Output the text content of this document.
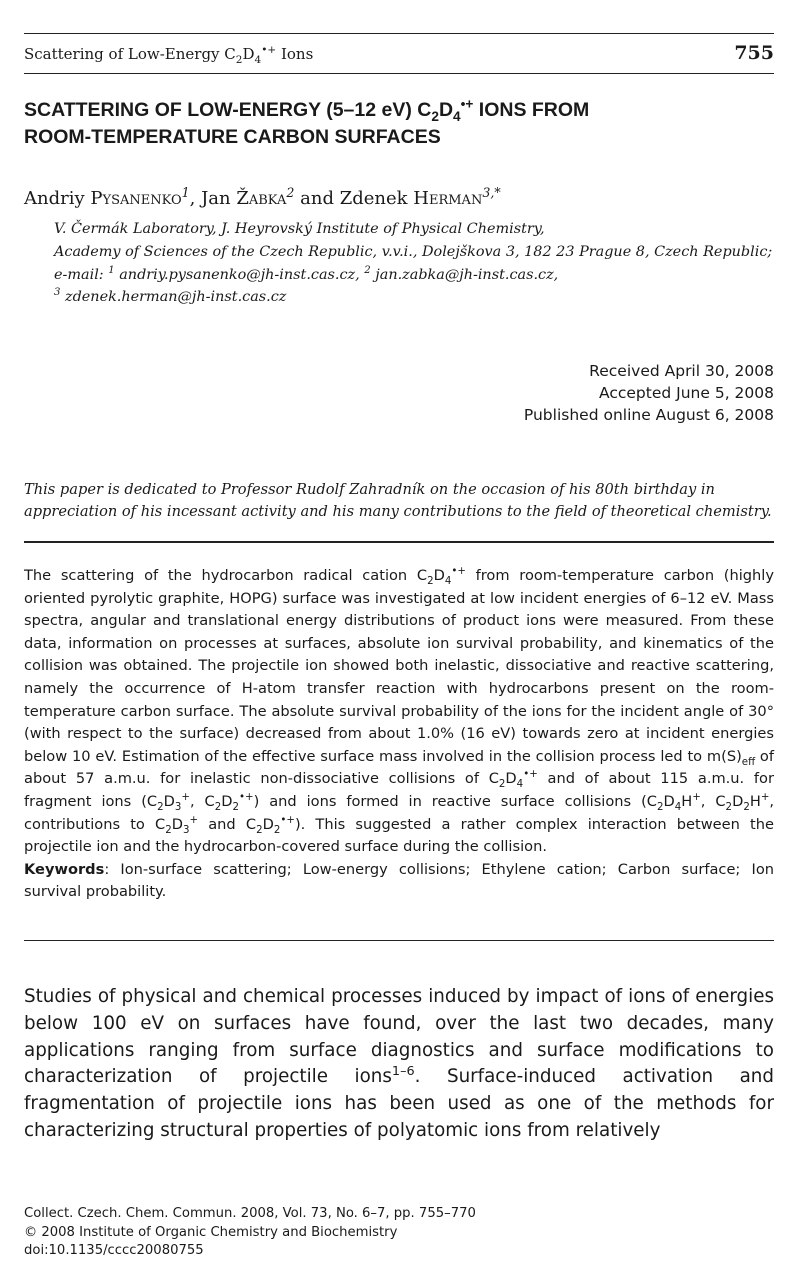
Scattering of Low-Energy $C_2D_4^{•+}$ Ions	755
SCATTERING OF LOW-ENERGY (5–12 eV) $C_2D_4^{•+}$ IONS FROM
ROOM-TEMPERATURE CARBON SURFACES
Andriy Pysanenko$^1$, Jan Žabka$^2$ and Zdenek Herman$^{3,*}$
V. Čermák Laboratory, J. Heyrovský Institute of Physical Chemistry,
Academy of Sciences of the Czech Republic, v.v.i., Dolejškova 3, 182 23 Prague 8, Czech Republic;
e-mail: $^1$ andriy.pysanenko@jh-inst.cas.cz, $^2$ jan.zabka@jh-inst.cas.cz,
$^3$ zdenek.herman@jh-inst.cas.cz
Received April 30, 2008
Accepted June 5, 2008
Published online August 6, 2008
This paper is dedicated to Professor Rudolf Zahradník on the occasion of his 80th birthday in appreciation of his incessant activity and his many contributions to the field of theoretical chemistry.

The scattering of the hydrocarbon radical cation $C_2D_4^{•+}$ from room-temperature carbon (highly oriented pyrolytic graphite, HOPG) surface was investigated at low incident energies of 6–12 eV. Mass spectra, angular and translational energy distributions of product ions were measured. From these data, information on processes at surfaces, absolute ion survival probability, and kinematics of the collision was obtained. The projectile ion showed both inelastic, dissociative and reactive scattering, namely the occurrence of H-atom transfer reaction with hydrocarbons present on the room-temperature carbon surface. The absolute survival probability of the ions for the incident angle of 30° (with respect to the surface) decreased from about 1.0% (16 eV) towards zero at incident energies below 10 eV. Estimation of the effective surface mass involved in the collision process led to $m(S)_{eff}$ of about 57 a.m.u. for inelastic non-dissociative collisions of $C_2D_4^{•+}$ and of about 115 a.m.u. for fragment ions ($C_2D_3^+$, $C_2D_2^{•+}$) and ions formed in reactive surface collisions ($C_2D_4H^+$, $C_2D_2H^+$, contributions to $C_2D_3^+$ and $C_2D_2^{•+}$). This suggested a rather complex interaction between the projectile ion and the hydrocarbon-covered surface during the collision.

Keywords: Ion-surface scattering; Low-energy collisions; Ethylene cation; Carbon surface; Ion survival probability.

Studies of physical and chemical processes induced by impact of ions of energies below 100 eV on surfaces have found, over the last two decades, many applications ranging from surface diagnostics and surface modifications to characterization of projectile ions$^{1-6}$. Surface-induced activation and fragmentation of projectile ions has been used as one of the methods for characterizing structural properties of polyatomic ions from relatively

Collect. Czech. Chem. Commun. 2008, Vol. 73, No. 6–7, pp. 755–770
© 2008 Institute of Organic Chemistry and Biochemistry
doi:10.1135/cccc20080755
